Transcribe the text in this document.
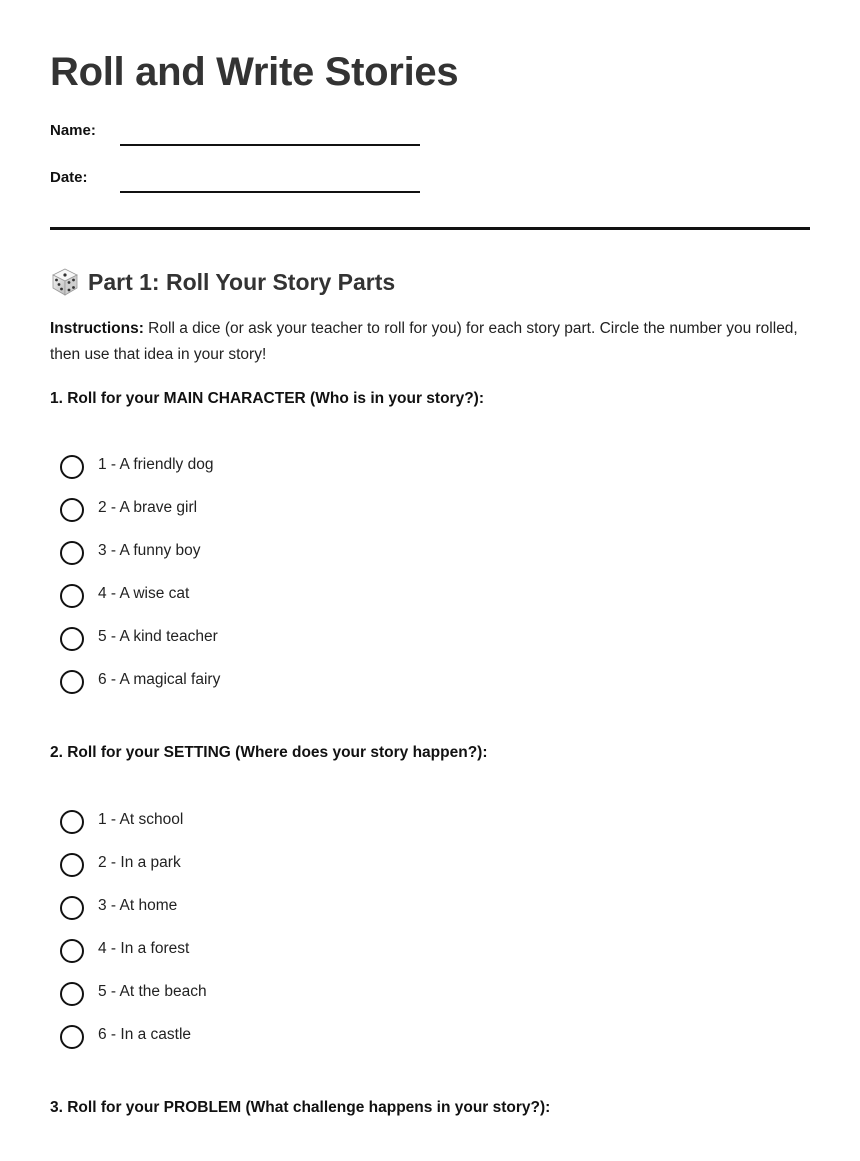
Roll and Write Stories
Name:
Date:
Part 1: Roll Your Story Parts

Instructions: Roll a dice (or ask your teacher to roll for you) for each story part. Circle the number you rolled, then use that idea in your story!

1. Roll for your MAIN CHARACTER (Who is in your story?):
1 - A friendly dog
2 - A brave girl
3 - A funny boy
4 - A wise cat
5 - A kind teacher
6 - A magical fairy
2. Roll for your SETTING (Where does your story happen?):
1 - At school
2 - In a park
3 - At home
4 - In a forest
5 - At the beach
6 - In a castle
3. Roll for your PROBLEM (What challenge happens in your story?):
